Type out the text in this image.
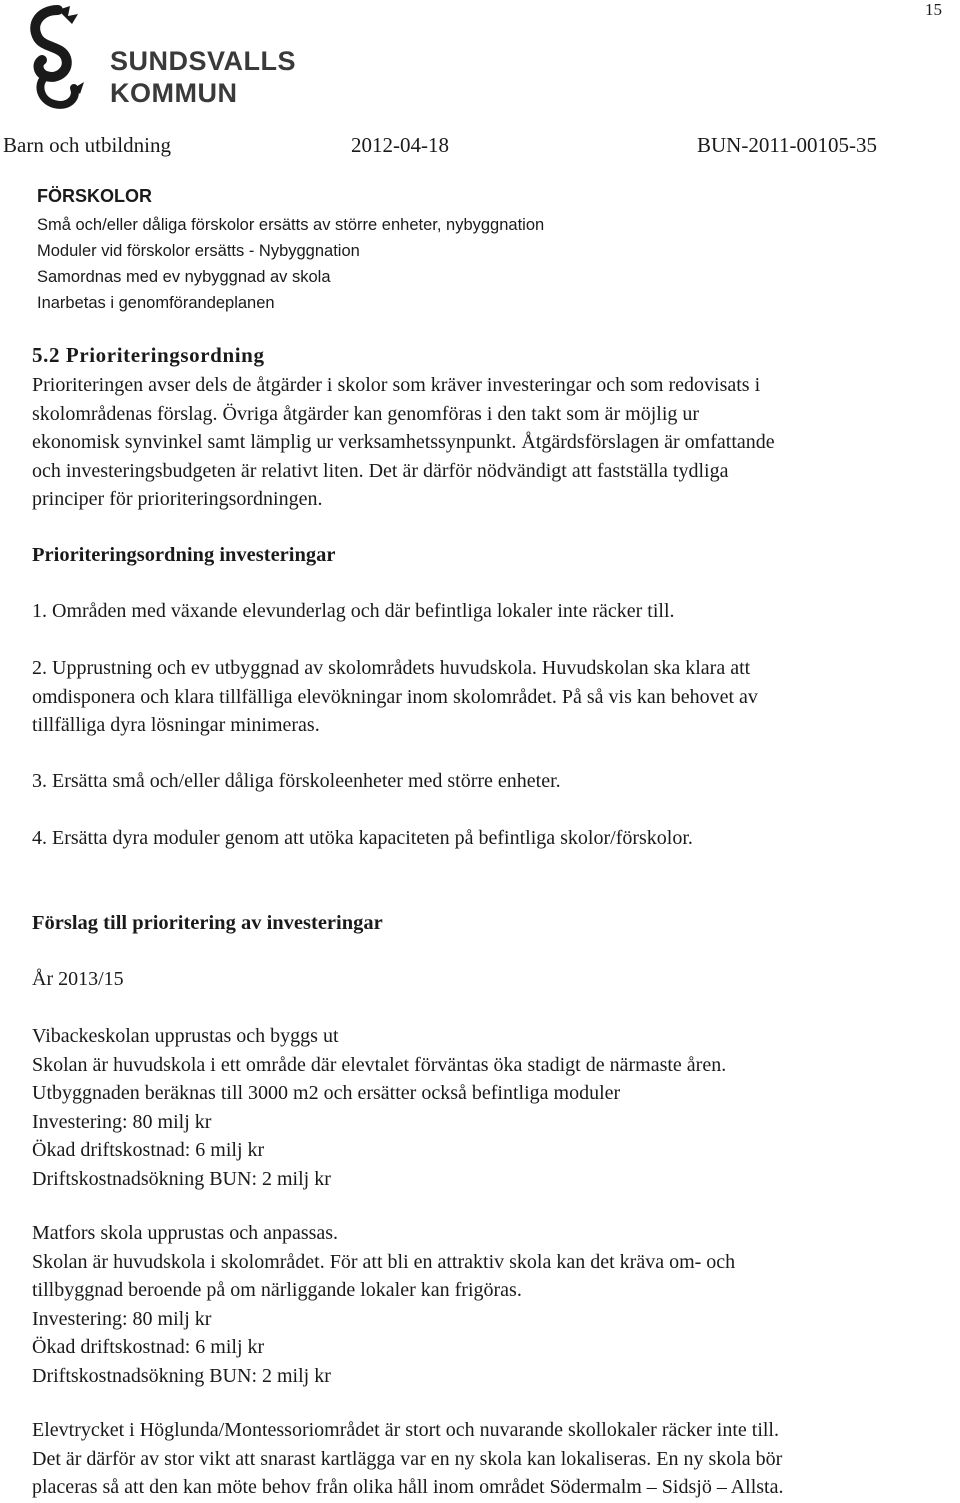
15
SUNDSVALLS
KOMMUN
Barn och utbildning	2012-04-18	BUN-2011-00105-35
FÖRSKOLOR
Små och/eller dåliga förskolor ersätts av större enheter, nybyggnation
Moduler vid förskolor ersätts - Nybyggnation
Samordnas med ev nybyggnad av skola
Inarbetas i genomförandeplanen
5.2 Prioriteringsordning
Prioriteringen avser dels de åtgärder i skolor som kräver investeringar och som redovisats i
skolområdenas förslag. Övriga åtgärder kan genomföras i den takt som är möjlig ur
ekonomisk synvinkel samt lämplig ur verksamhetssynpunkt. Åtgärdsförslagen är omfattande
och investeringsbudgeten är relativt liten. Det är därför nödvändigt att fastställa tydliga
principer för prioriteringsordningen.
Prioriteringsordning investeringar
1. Områden med växande elevunderlag och där befintliga lokaler inte räcker till.
2. Upprustning och ev utbyggnad av skolområdets huvudskola. Huvudskolan ska klara att
omdisponera och klara tillfälliga elevökningar inom skolområdet. På så vis kan behovet av
tillfälliga dyra lösningar minimeras.
3. Ersätta små och/eller dåliga förskoleenheter med större enheter.
4. Ersätta dyra moduler genom att utöka kapaciteten på befintliga skolor/förskolor.
Förslag till prioritering av investeringar
År 2013/15
Vibackeskolan upprustas och byggs ut
Skolan är huvudskola i ett område där elevtalet förväntas öka stadigt de närmaste åren.
Utbyggnaden beräknas till 3000 m2 och ersätter också befintliga moduler
Investering: 80 milj kr
Ökad driftskostnad: 6 milj kr
Driftskostnadsökning BUN: 2 milj kr
Matfors skola upprustas och anpassas.
Skolan är huvudskola i skolområdet. För att bli en attraktiv skola kan det kräva om- och
tillbyggnad beroende på om närliggande lokaler kan frigöras.
Investering: 80 milj kr
Ökad driftskostnad: 6 milj kr
Driftskostnadsökning BUN: 2 milj kr
Elevtrycket i Höglunda/Montessoriområdet är stort och nuvarande skollokaler räcker inte till.
Det är därför av stor vikt att snarast kartlägga var en ny skola kan lokaliseras. En ny skola bör
placeras så att den kan möte behov från olika håll inom området Södermalm – Sidsjö – Allsta.
